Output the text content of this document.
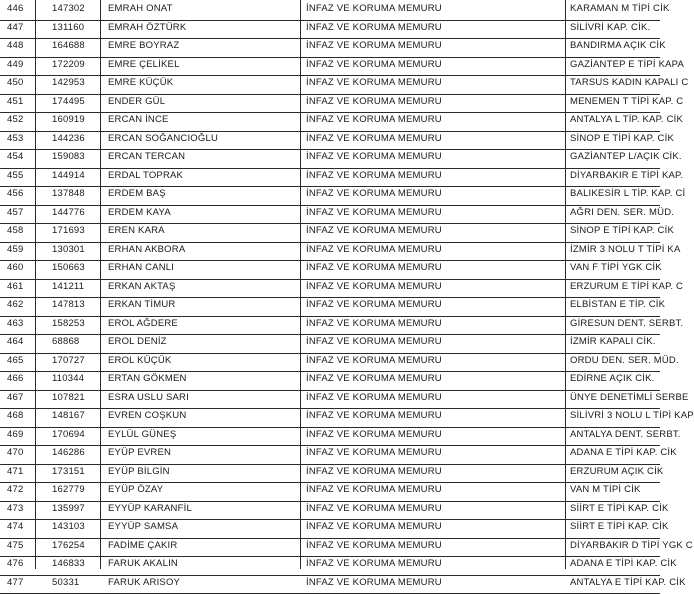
446	147302 EMRAH ONAT	İNFAZ VE KORUMA MEMURU	KARAMAN M TİPİ CİK
447	131160	EMRAH ÖZTÜRK	İNFAZ VE KORUMA MEMURU	SİLİVRİ KAP. CİK.
448	164688 EMRE BOYRAZ	İNFAZ VE KORUMA MEMURU	BANDIRMA AÇIK CİK
449	172209 EMRE ÇELİKEL	İNFAZ VE KORUMA MEMURU	GAZİANTEP E TİPİ KAPA
450	142953 EMRE KÜÇÜK	İNFAZ VE KORUMA MEMURU	TARSUS KADIN KAPALI C
451	174495 ENDER GÜL	İNFAZ VE KORUMA MEMURU	MENEMEN T TİPİ KAP. C
452	160919 ERCAN İNCE	İNFAZ VE KORUMA MEMURU	ANTALYA L TİP. KAP. CİK
453	144236 ERCAN SOĞANCIOĞLU	İNFAZ VE KORUMA MEMURU	SİNOP E TİPİ KAP. CİK
454	159083 ERCAN TERCAN	İNFAZ VE KORUMA MEMURU	GAZİANTEP L/AÇIK CİK.
455	144914 ERDAL TOPRAK	İNFAZ VE KORUMA MEMURU	DİYARBAKIR E TİPİ KAP.
456	137848 ERDEM BAŞ	İNFAZ VE KORUMA MEMURU	BALIKESİR L TİP. KAP. Cİ
457	144776 ERDEM KAYA	İNFAZ VE KORUMA MEMURU	AĞRI DEN. SER. MÜD.
458	171693 EREN KARA	İNFAZ VE KORUMA MEMURU	SİNOP E TİPİ KAP. CİK
459	130301 ERHAN AKBORA	İNFAZ VE KORUMA MEMURU	İZMİR 3 NOLU T TİPİ KA
460	150663 ERHAN CANLI	İNFAZ VE KORUMA MEMURU	VAN F TİPİ YGK CİK
461	141211	ERKAN AKTAŞ	İNFAZ VE KORUMA MEMURU	ERZURUM E TİPİ KAP. C
462	147813 ERKAN TİMUR	İNFAZ VE KORUMA MEMURU	ELBİSTAN E TİP. CİK
463	158253 EROL AĞDERE	İNFAZ VE KORUMA MEMURU	GİRESUN DENT. SERBT.
464	68868	EROL DENİZ	İNFAZ VE KORUMA MEMURU	İZMİR KAPALI CİK.
465	170727 EROL KÜÇÜK	İNFAZ VE KORUMA MEMURU	ORDU DEN. SER. MÜD.
466	110344	ERTAN GÖKMEN	İNFAZ VE KORUMA MEMURU	EDİRNE AÇIK CİK.
467	107821 ESRA USLU SARI	İNFAZ VE KORUMA MEMURU	ÜNYE DENETİMLİ SERBE
468	148167 EVREN COŞKUN	İNFAZ VE KORUMA MEMURU	SİLİVRİ 3 NOLU L TİPİ KAP
469	170694 EYLÜL GÜNEŞ	İNFAZ VE KORUMA MEMURU	ANTALYA DENT. SERBT.
470	146286 EYÜP EVREN	İNFAZ VE KORUMA MEMURU	ADANA E TİPİ KAP. CİK
471	173151 EYÜP BİLGİN	İNFAZ VE KORUMA MEMURU	ERZURUM AÇIK CİK
472	162779 EYÜP ÖZAY	İNFAZ VE KORUMA MEMURU	VAN M TİPİ CİK
473	135997 EYYÜP KARANFİL	İNFAZ VE KORUMA MEMURU	SİİRT E TİPİ KAP. CİK
474	143103 EYYÜP SAMSA	İNFAZ VE KORUMA MEMURU	SİİRT E TİPİ KAP. CİK
475	176254 FADİME ÇAKIR	İNFAZ VE KORUMA MEMURU	DİYARBAKIR D TİPİ YGK C
476	146833 FARUK AKALIN	İNFAZ VE KORUMA MEMURU	ADANA E TİPİ KAP. CİK
477	50331	FARUK ARISOY	İNFAZ VE KORUMA MEMURU	ANTALYA E TİPİ KAP. CİK
